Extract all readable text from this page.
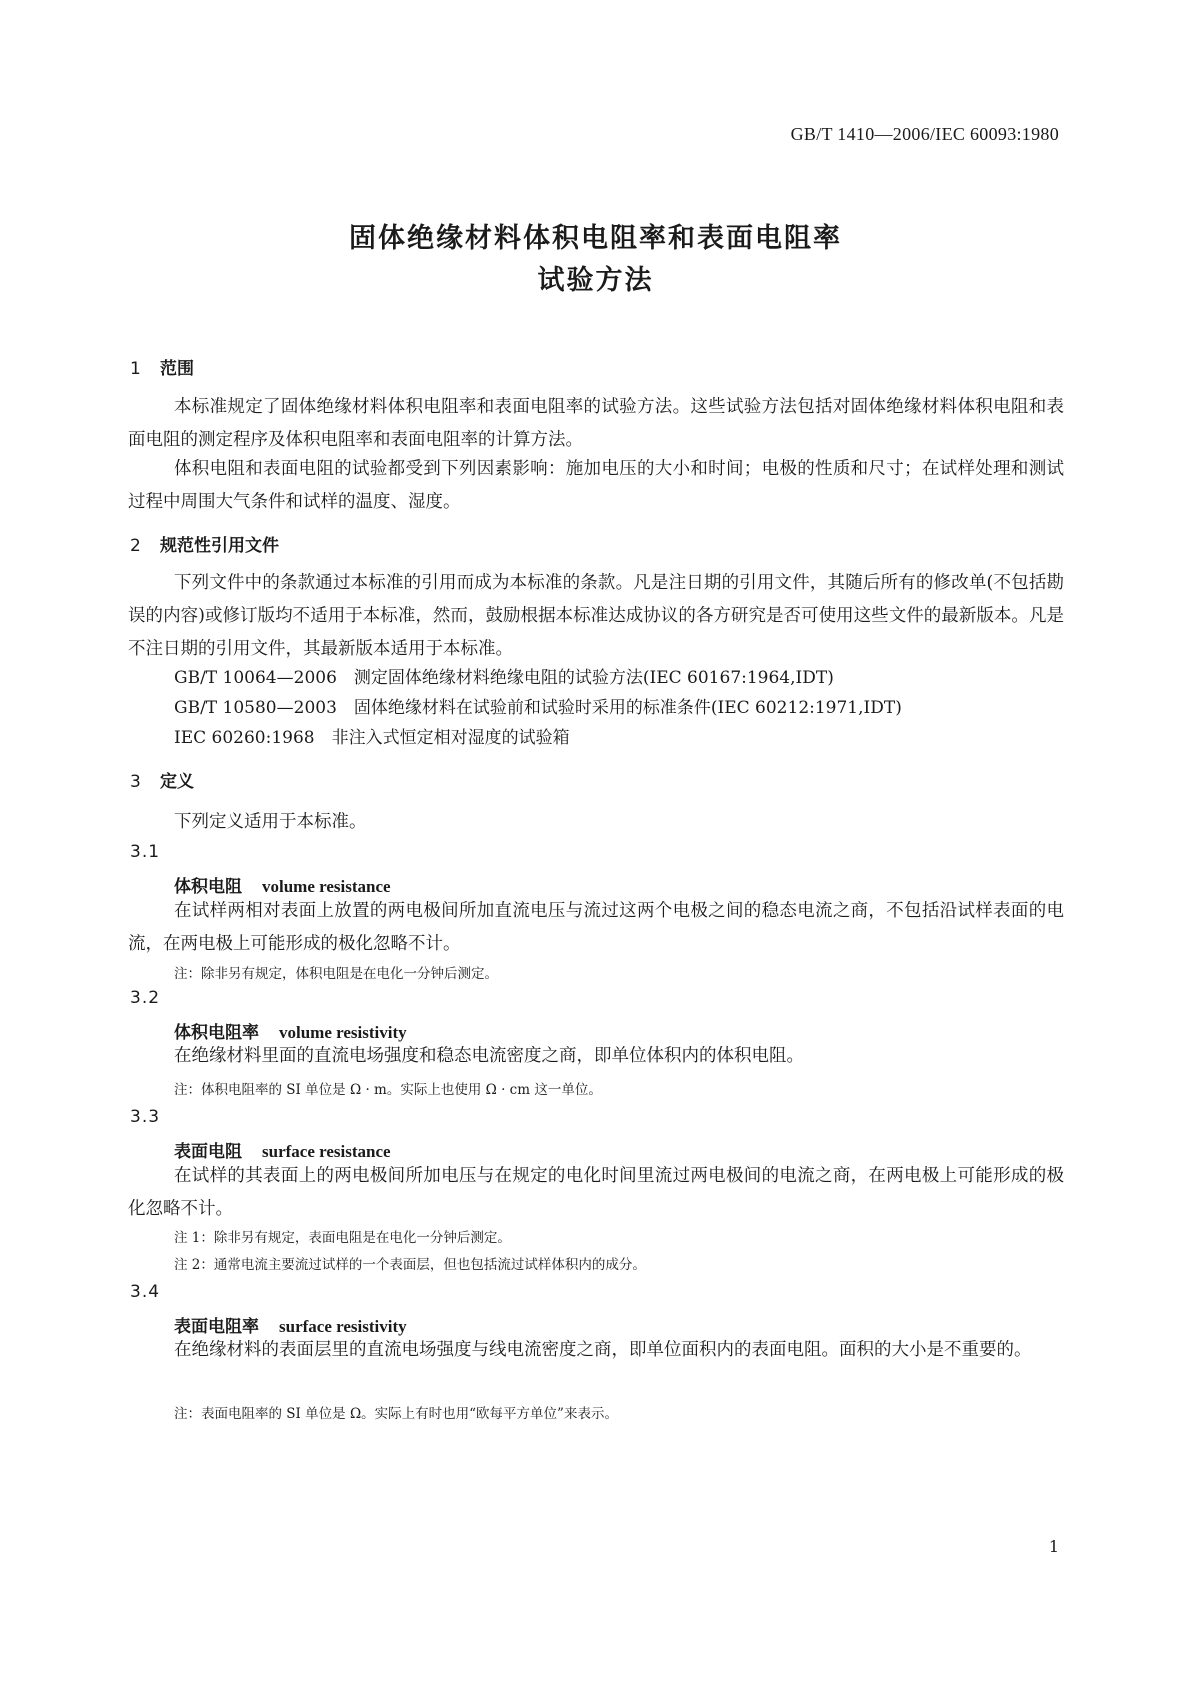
GB/T 1410—2006/IEC 60093:1980
固体绝缘材料体积电阻率和表面电阻率
试验方法
1 范围

本标准规定了固体绝缘材料体积电阻率和表面电阻率的试验方法。这些试验方法包括对固体绝缘材料体积电阻和表面电阻的测定程序及体积电阻率和表面电阻率的计算方法。

体积电阻和表面电阻的试验都受到下列因素影响：施加电压的大小和时间；电极的性质和尺寸；在试样处理和测试过程中周围大气条件和试样的温度、湿度。

2 规范性引用文件

下列文件中的条款通过本标准的引用而成为本标准的条款。凡是注日期的引用文件，其随后所有的修改单(不包括勘误的内容)或修订版均不适用于本标准，然而，鼓励根据本标准达成协议的各方研究是否可使用这些文件的最新版本。凡是不注日期的引用文件，其最新版本适用于本标准。

GB/T 10064—2006　测定固体绝缘材料绝缘电阻的试验方法(IEC 60167:1964,IDT)
GB/T 10580—2003　固体绝缘材料在试验前和试验时采用的标准条件(IEC 60212:1971,IDT)
IEC 60260:1968　非注入式恒定相对湿度的试验箱
3 定义

下列定义适用于本标准。

3.1
体积电阻 volume resistance

在试样两相对表面上放置的两电极间所加直流电压与流过这两个电极之间的稳态电流之商，不包括沿试样表面的电流，在两电极上可能形成的极化忽略不计。

注：除非另有规定，体积电阻是在电化一分钟后测定。
3.2
体积电阻率 volume resistivity

在绝缘材料里面的直流电场强度和稳态电流密度之商，即单位体积内的体积电阻。

注：体积电阻率的 SI 单位是 Ω · m。实际上也使用 Ω · cm 这一单位。
3.3
表面电阻 surface resistance

在试样的其表面上的两电极间所加电压与在规定的电化时间里流过两电极间的电流之商，在两电极上可能形成的极化忽略不计。

注 1：除非另有规定，表面电阻是在电化一分钟后测定。
注 2：通常电流主要流过试样的一个表面层，但也包括流过试样体积内的成分。
3.4
表面电阻率 surface resistivity

在绝缘材料的表面层里的直流电场强度与线电流密度之商，即单位面积内的表面电阻。面积的大小是不重要的。

注：表面电阻率的 SI 单位是 Ω。实际上有时也用“欧每平方单位”来表示。
1
